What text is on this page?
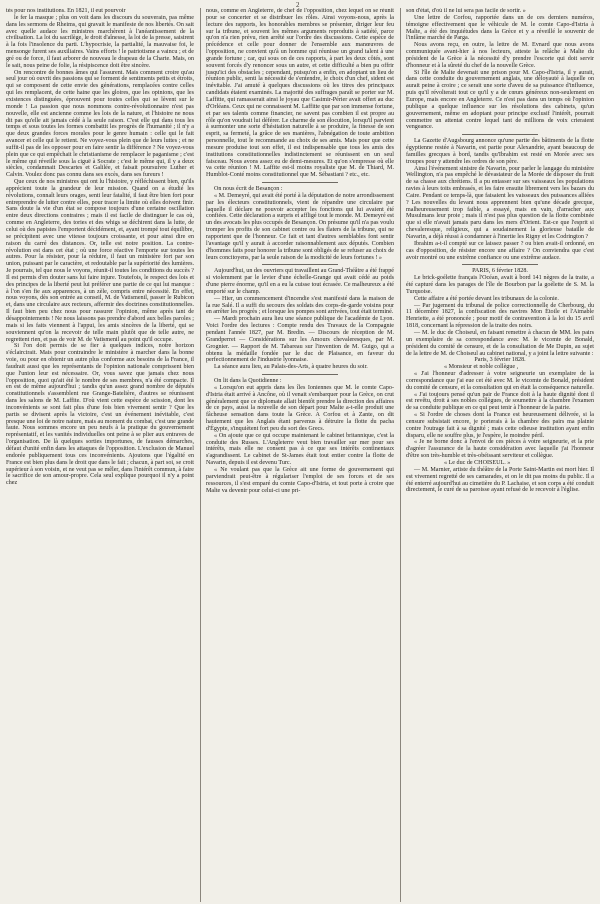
2

tés pour nos institutions. En 1821, il eut pourvoir

le fer la masque ; plus on voit dans les discours du souverain, pas même dans les sermons de Rheims, qui gravait le manifeste de nos libertés. On sait avec quelle audace les ministres marchèrent à l'anéantissement de la civilisation. La loi du sacrilège, le droit d'aînesse, la loi de la presse, saisirent à la fois l'insolence du parti. L'hypocrisie, la partialité, la mauvaise foi, le mensonge furent ses auxiliaires. Vains efforts ! le patriotisme a vaincu ; et de gré ou de force, il faut arborer de nouveau le drapeau de la Charte. Mais, on le sait, nous peine de folie, la résipiscence doit être sincère.

On rencontre de bonnes âmes qui l'assurent. Mais comment croire qu'au seul jour où ouvrit des passions qui se forment de sentiments petits et étroits, qui se composent de cette envie des générations, remplacées contre celles qui les remplacent, de cette haine que les gloires, que les opinions, que les existences distinguées, éprouvent pour toutes celles qui se lèvent sur le monde ! La passion que nous nommons contre-révolutionnaire n'est pas nouvelle, elle est ancienne comme les lois de la nature, et l'histoire ne nous dit pas qu'elle ait jamais cédé à la seule raison. C'est elle qui dans tous les temps et sous toutes les formes combattit les progrès de l'humanité ; il n'y a que deux grandes forces morales pour le genre humain : celle qui le fait avancer et celle qui le retient. Ne voyez-vous plein que de leurs luttes ; et ne suffit-il pas de les opposer pour en faire sentir la différence ? Ne voyez-vous plein que ce qui empêchait le christianisme de remplacer le paganisme ; c'est le même qui réveille sous la ciguë à Socrate ; c'est le même qui, il y a deux siècles, condamnait Descartes et Galilée, et faisait poursuivre Luther et Calvin. Voulez donc pas connu dans ses excès, dans ses fureurs !

Que ceux de nos ministres qui ont lu l'histoire, y réfléchissent bien, qu'ils apprécient toute la grandeur de leur mission. Quand on a étudié les révolutions, connaît leurs orages, senti leur fatalité, il faut être bien fort pour entreprendre de lutter contre elles, pour tracer la limite où elles doivent finir. Sans doute la vie d'un état se compose toujours d'une certaine oscillation entre deux directions contraires ; mais il est facile de distinguer le cas où, comme en Angleterre, des tories et des whigs se déchirent dans la lutte, de celui où des papistes l'emportent décidément, et, ayant trompé tout équilibre, se précipitent avec une vitesse toujours croissante, et pour ainsi dire en raison du carré des distances. Or, telle est notre position. La contre-révolution est dans cet état ; où une force réactive l'emporte sur toutes les autres. Pour la résister, pour la réduire, il faut un ministère fort par son union, puissant par le caractère, et redoutable par la supériorité des lumières. Je pourrais, tel que nous le voyons, réunit-il toutes les conditions du succès ? Il est permis d'en douter sans lui faire injure. Toutefois, le respect des lois et des principes de la liberté peut lui préférer une partie de ce qui lui manque : à l'on s'en fie aux apparences, à un zèle, compris entre nécessité. En effet, nous voyons, dès son entrée au conseil, M. de Vatismenil, passer le Rubicon et, dans une circulaire aux recteurs, affermir des doctrines constitutionnelles. Il faut bien peu chez nous pour rassurer l'opinion, même après tant de désappointements ! Ne nous laissons pas prendre d'abord aux belles paroles ; mais si les faits viennent à l'appui, les amis sincères de la liberté, qui se souviennent qu'on la recevoir de telle main plutôt que de telle autre, ne regrettent rien, et pas de voir M. de Vatismenil au point qu'il occupe.

Si l'on doit permis de se fier à quelques indices, notre horizon s'éclaircirait. Mais pour contraindre le ministère à marcher dans la bonne voie, ou pour en obtenir un autre plus conforme aux besoins de la France, il faudrait aussi que les représentants de l'opinion nationale comprissent bien que l'union leur est nécessaire. Or, vous savez que jamais chez nous l'opposition, quoi qu'ait été le nombre de ses membres, n'a été compacte. Il en est de même aujourd'hui ; tandis qu'un assez grand nombre de députés constitutionnels s'assemblent rue Grange-Batelière, d'autres se réunissent dans les salons de M. Laffite. D'où vient cette espèce de scission, dont les inconvénients se sont fait plus d'une fois bien vivement sentir ? Que les partis se divisent après la victoire, c'est un événement inévitable, c'est presque une loi de notre nature, mais au moment du combat, c'est une grande faute. Nous sommes encore un peu neufs à la pratique du gouvernement représentatif, et les vanités individuelles ont peine à se plier aux entraves de l'organisation. De là quelques sorties importunes, de fausses démarches, défaut d'unité enfin dans les attaques de l'opposition. L'exclusion de Manuel endorée publiquement tous ces inconvénients. Ajoutons que l'égalité en France est bien plus dans le droit que dans le fait ; chacun, à part soi, se croit supérieur à son voisin, et ne veut pas se mêler, dans l'intérêt commun, à faire le sacrifice de son amour-propre. Cela seul explique pourquoi il n'y a point chez

nous, comme en Angleterre, de chef de l'opposition, chez lequel on se réunit pour se concerter et se distribuer les rôles. Ainsi voyons-nous, après la lecture des rapports, les honorables membres se présenter, diriger leur feu sur la tribune, et souvent les mêmes arguments reproduits à satiété, parce qu'on n'a rien prévu, rien arrêté sur l'ordre des discussions. Cette espèce de précédence et celle pour donner de l'ensemble aux manœuvres de l'opposition, ne convient qu'à un homme qui réunisse un grand talent à une grande fortune ; car, qui sous on de ces rapports, à part les deux côtés, sont souvent forcés d'y renoncer sous un autre, et cette difficulté a bien pu offrir jusqu'ici des obstacles ; cependant, puisqu'on a enfin, en adoptant un lieu de réunion public, senti la nécessité de s'entendre, le choix d'un chef, sident est inévitable. J'ai amuté à quelques discussions où les titres des principaux candidats étaient examinés. La majorité des suffrages paraît se porter sur M. Laffitte, qui ramasserait ainsi le joyau que Casimir-Périer avait offert au duc d'Orléans. Ceux qui ne connaissent M. Laffitte que par son immense fortune, et par ses talents comme financier, ne savent pas combien il est propre au rôle qu'on voudrait lui déférer. Le charme de son élocution, lorsqu'il parvient à surmonter une sorte d'hésitation naturelle à se produire, la finesse de son esprit, sa fermeté, la grâce de ses manières, l'abnégation de toute ambition personnelle, tout le recommande au choix de ses amis. Mais pour que cette mesure produise tout son effet, il est indispensable que tous les amis des institutions constitutionnelles indistinctement se réunissent en un seul faisceau. Nous avons assez eu de demi-mesures. Et qu'on s'empresse où elle va cette réunion ! M. Laffite est-il moins royaliste que M. de Thiard, M. Humblot-Conté moins constitutionnel que M. Sébastiani ? etc., etc.

On nous écrit de Besançon :

« M. Demeyré, qui avait été porté à la députation de notre arrondissement par les électeurs constitutionnels, vient de répandre une circulaire par laquelle il déclare ne pouvoir accepter les fonctions qui lui avaient été confiées. Cette déclaration a surpris et affligé tout le monde. M. Demeyré est un des avocats les plus occupés de Besançon. On présume qu'il n'a pas voulu tromper les profits de son cabinet contre ou les flaters de la tribune, qui ne rapportent que de l'honneur. Ce fait et tant d'autres semblables font sentir l'avantage qu'il y aurait à accorder raisonnablement aux députés. Combien d'hommes faits pour honorer la tribune sont obligés de se refuser au choix de leurs concitoyens, par la seule raison de la modicité de leurs fortunes ! »

Aujourd'hui, un des ouvriers qui travaillent au Grand-Théâtre a été frappé si violemment par le levier d'une échelle-Grange qui avait cédé au poids d'une pierre énorme, qu'il en a eu la cuisse tout écrasée. Ce malheureux a été emporté sur le champ.

— Hier, un commencement d'incendie s'est manifesté dans la maison de la rue Salé. Il a suffi du secours des soldats des corps-de-garde voisins pour en arrêter les progrès ; et lorsque les pompes sont arrivées, tout était terminé.

— Mardi prochain aura lieu une séance publique de l'académie de Lyon. Voici l'ordre des lectures : Compte rendu des Travaux de la Compagnie pendant l'année 1827, par M. Bredin. — Discours de réception de M. Grandperret — Considérations sur les Amours chevaleresques, par M. Grognier. — Rapport de M. Tabareau sur l'invention de M. Guigo, qui a obtenu la médaille fondée par le duc de Plaisance, en faveur du perfectionnement de l'industrie lyonnaise.

La séance aura lieu, au Palais-des-Arts, à quatre heures du soir.

On lit dans la Quotidienne :

« Lorsqu'on eut appris dans les îles Ioniennes que M. le comte Capo-d'Istria était arrivé à Ancône, où il venait s'embarquer pour la Grèce, on crut généralement que ce diplomate allait bientôt prendre la direction des affaires de ce pays, aussi la nouvelle de son départ pour Malte a-t-elle produit une fâcheuse sensation dans toute la Grèce. A Corfou et à Zante, on dit hautement que les Anglais étant parvenus à détruire la flotte du pacha d'Égypte, s'inquiètent fort peu du sort des Grecs.

« On ajoute que ce qui occupe maintenant le cabinet britannique, c'est la conduite des Russes. L'Angleterre veut bien travailler sur mer pour ses intérêts, mais elle ne consent pas à ce que ses intérêts continentaux s'agrandissent. Le cabinet de St-James était tout entier contre la flotte de Navarin, depuis il est devenu Turc.

« Ne voulant pas que la Grèce ait une forme de gouvernement qui parviendrait peut-être à régulariser l'emploi de ses forces et de ses ressources, il s'est emparé du comte Capo-d'Istria, et tout porte à croire que Malte va devenir pour celui-ci une pri-

son d'état, d'où il ne lui sera pas facile de sortir. »

Une lettre de Corfou, rapportée dans un de ces derniers numéros, témoigne effectivement que le véhicule de M. le comte Capo-d'Istria à Malte, a été des inquiétudes dans la Grèce et y a réveillé le souvenir de l'infâme marché de Parga.

Nous avons reçu, en outre, la lettre de M. Evnard que nous avons communiquée avant-hier à nos lecteurs, atteste la relâche à Malte du président de la Grèce à la nécessité d'y prendre l'escorte qui doit servir d'honneur et à la sûreté du chef de la nouvelle Grèce.

Si l'île de Malte devenait une prison pour M. Capo-d'Istria, il y aurait, dans cette conduite du gouvernement anglais, une déloyauté à laquelle on aurait peine à croire ; ce serait une sorte d'aveu de sa puissance d'influence, puis qu'il révolterait tout ce qu'il y a de cœurs généreux non-seulement en Europe, mais encore en Angleterre. Ce n'est pas dans un temps où l'opinion publique a quelque influence sur les résolutions des cabinets, qu'un gouvernement, même en adoptant pour principe exclusif l'intérêt, pourrait commettre un attentat contre lequel tant de millions de voix crieraient vengeance.

La Gazette d'Augsbourg annonce qu'une partie des bâtiments de la flotte égyptienne restée à Navarin, est partie pour Alexandrie, ayant beaucoup de familles grecques à bord, tandis qu'Ibrahim est resté en Morée avec ses troupes pour y attendre les ordres de son père.

Ainsi l'événement sinistre de Navarin, pour parler le langage du ministère Wellington, n'a pas empêché le dévastateur de la Morée de disposer du fruit de sa chasse aux chrétiens. Il a pu entasser sur ses vaisseaux les populations ravies à leurs toits embrasés, et les faire ensuite librement vers les bazars du Caire. Pendant ce temps-là, que faisaient les vaisseaux des puissances alliées ? Les nouvelles du levant nous apprennent bien qu'une décade grecque, malheureusement trop faible, a essayé, mais en vain, d'arracher aux Musulmans leur proie ; mais il n'est pas plus question de la flotte combinée que si elle n'avait jamais paru dans les mers d'Orient. Est-ce que l'esprit si chevaleresque, religieux, qui a soudainement la glorieuse bataille de Navarin, a déjà réussi à condamner à l'inertie les Rigny et les Codrington ?

Ibrahim a-t-il compté sur ce laissez passer ? ou bien avait-il ordonné, en cas d'opposition, de résister encore une affaire ? On conviendra que c'est avoir montré ou une extrême confiance ou une extrême audace.

PARIS, 6 février 1828.

Le brick-goélette français l'Océan, avait à bord 141 nègres de la traite, a été capturé dans les parages de l'île de Bourbon par la goélette de S. M. la Turquoise.

Cette affaire a été portée devant les tribunaux de la colonie.

— Par jugement du tribunal de police correctionnelle de Cherbourg, du 11 décembre 1827, la confiscation des navires Mon Étoile et l'Aimable Henriette, a été prononcée ; pour motif de contravention à la loi du 15 avril 1818, concernant la répression de la traite des noirs.

— M. le duc de Choiseul, en faisant remettre à chacun de MM. les pairs un exemplaire de sa correspondance avec M. le vicomte de Bonald, président du comité de censure, et de la consultation de Me Dupin, au sujet de la lettre de M. de Choiseul au cabinet national, y a joint la lettre suivante :

Paris, 3 février 1828.

« Monsieur et noble collègue ,

« J'ai l'honneur d'adresser à votre seigneurie un exemplaire de la correspondance que j'ai eue cet été avec M. le vicomte de Bonald, président du comité de censure, et la consultation qui en était la conséquence naturelle.

« J'ai toujours pensé qu'un pair de France doit à la haute dignité dont il est revêtu, droit à ses nobles collègues, de soumettre à la chambre l'examen de sa conduite publique en ce qui peut tenir à l'honneur de la pairie.

« Si l'ordre de choses dont la France est heureusement délivrée, si la censure subsistait encore, je porterais à la chambre des pairs ma plainte contre l'outrage fait à sa dignité ; mais cette odieuse institution ayant enfin disparu, elle ne souffre plus, je l'espère, le moindre péril.

« Je ne borne donc à l'envoi de ces pièces à votre seigneurie, et la prie d'agréer l'assurance de la haute considération avec laquelle j'ai l'honneur d'être son très-humble et très-obéissant serviteur et collègue.

« Le duc de CHOISEUL. »

— M. Marnier, artiste du théâtre de la Porte Saint-Martin est mort hier. Il est vivement regretté de ses camarades, et on le dit pas moins du public. Il a été enterré aujourd'hui au cimetière du P. Lachaise, et son corps a été conduit directement, le curé de sa paroisse ayant refusé de le recevoir à l'église.
